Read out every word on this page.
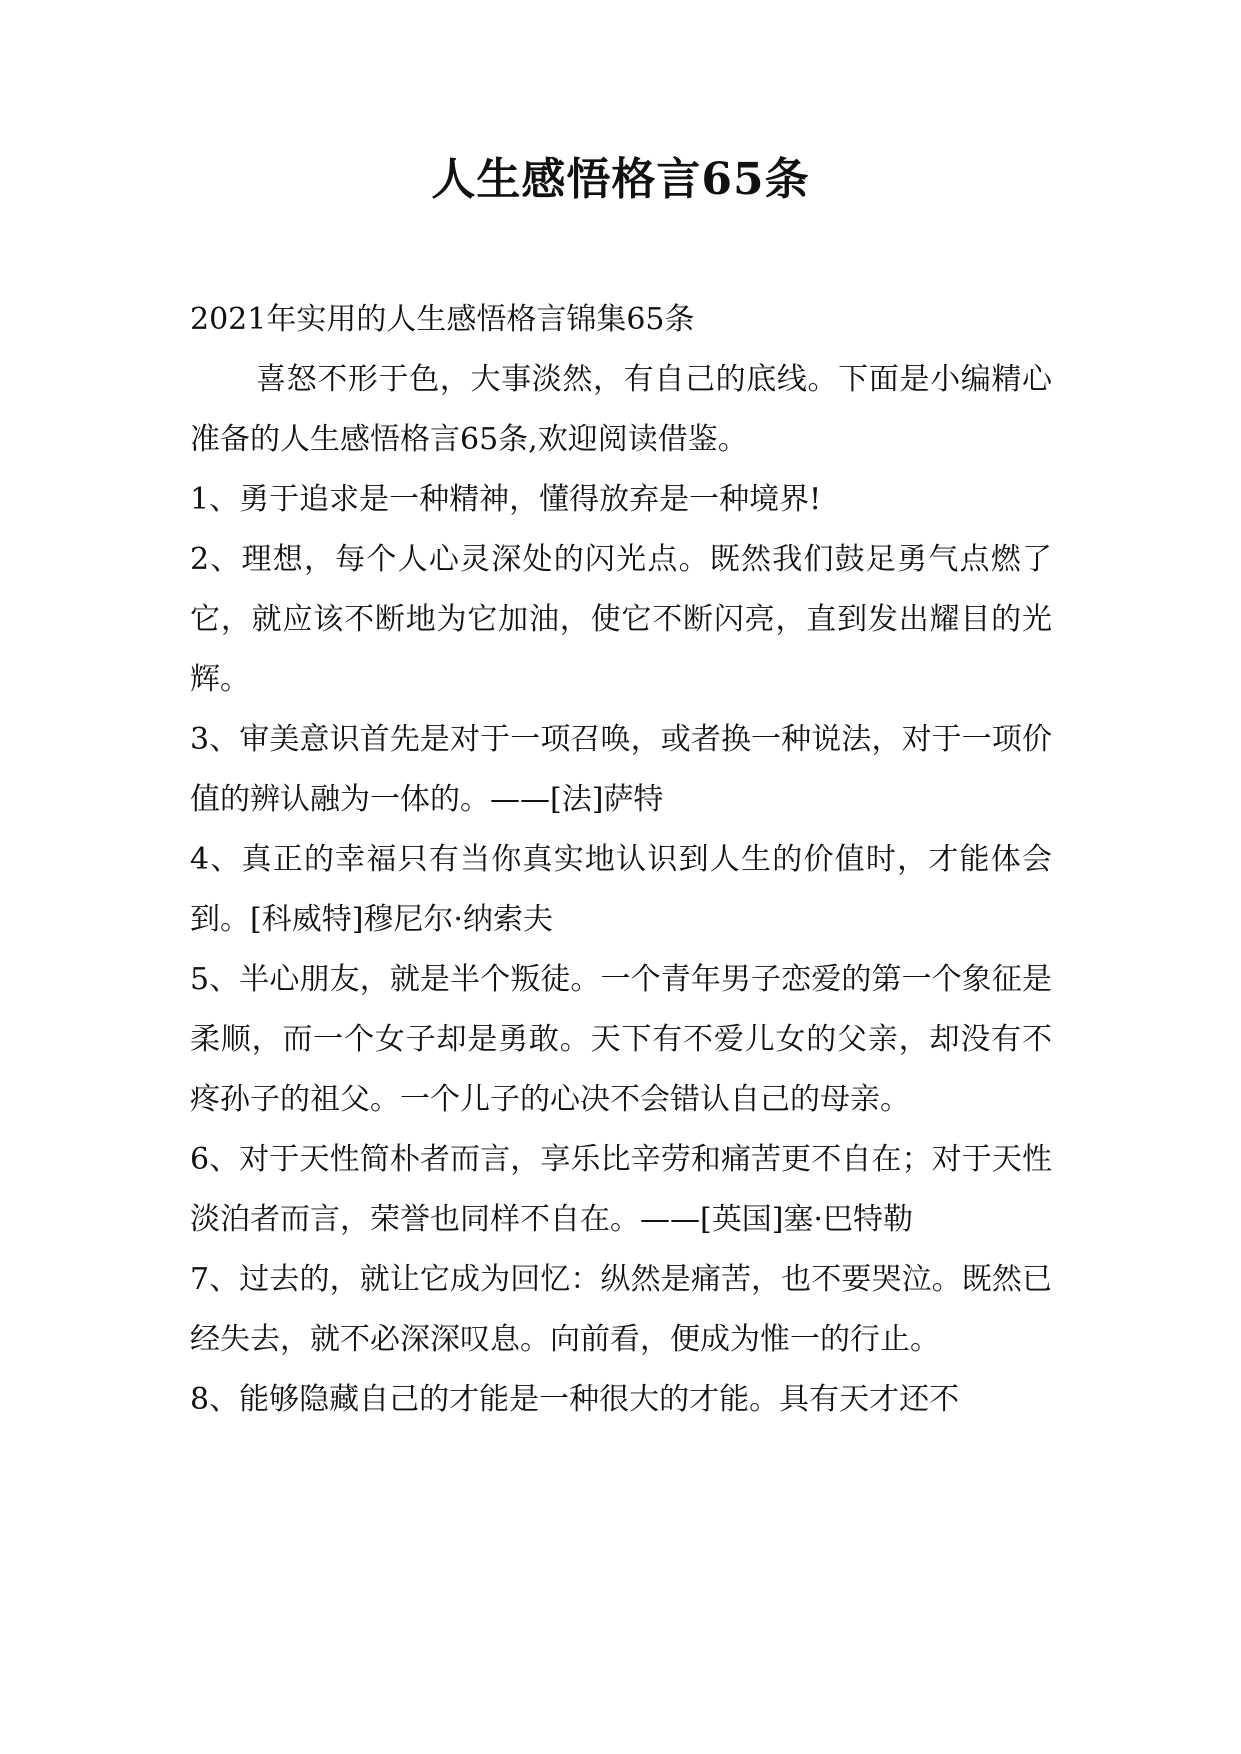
人生感悟格言65条

2021年实用的人生感悟格言锦集65条

喜怒不形于色，大事淡然，有自己的底线。下面是小编精心准备的人生感悟格言65条,欢迎阅读借鉴。

1、勇于追求是一种精神，懂得放弃是一种境界!

2、理想，每个人心灵深处的闪光点。既然我们鼓足勇气点燃了它，就应该不断地为它加油，使它不断闪亮，直到发出耀目的光辉。

3、审美意识首先是对于一项召唤，或者换一种说法，对于一项价值的辨认融为一体的。——[法]萨特

4、真正的幸福只有当你真实地认识到人生的价值时，才能体会到。[科威特]穆尼尔·纳索夫

5、半心朋友，就是半个叛徒。一个青年男子恋爱的第一个象征是柔顺，而一个女子却是勇敢。天下有不爱儿女的父亲，却没有不疼孙子的祖父。一个儿子的心决不会错认自己的母亲。

6、对于天性简朴者而言，享乐比辛劳和痛苦更不自在；对于天性淡泊者而言，荣誉也同样不自在。——[英国]塞·巴特勒

7、过去的，就让它成为回忆：纵然是痛苦，也不要哭泣。既然已经失去，就不必深深叹息。向前看，便成为惟一的行止。

8、能够隐藏自己的才能是一种很大的才能。具有天才还不
